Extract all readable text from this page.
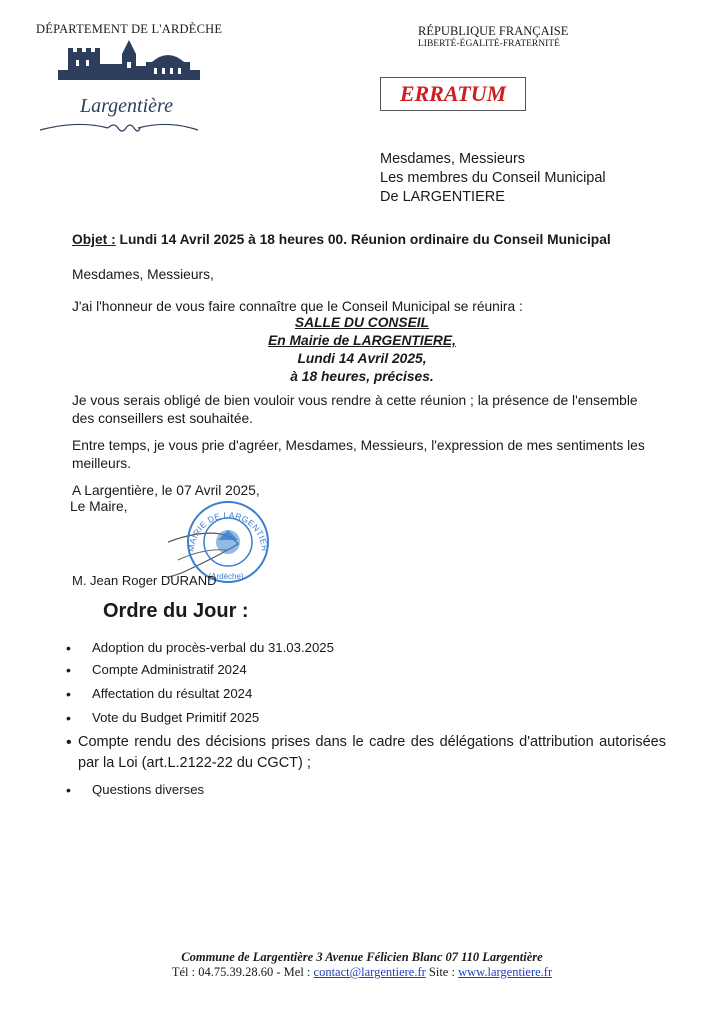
DÉPARTEMENT DE L'ARDÈCHE	RÉPUBLIQUE FRANÇAISE
LIBERTÉ-ÉGALITÉ-FRATERNITÉ
Largentière	ERRATUM
Mesdames, Messieurs
Les membres du Conseil Municipal
De LARGENTIERE
Objet : Lundi 14 Avril 2025 à 18 heures 00. Réunion ordinaire du Conseil Municipal
Mesdames, Messieurs,
J'ai l'honneur de vous faire connaître que le Conseil Municipal se réunira :
SALLE DU CONSEIL
En Mairie de LARGENTIERE,
Lundi 14 Avril 2025,
à 18 heures, précises.
Je vous serais obligé de bien vouloir vous rendre à cette réunion ; la présence de l'ensemble des conseillers est souhaitée.
Entre temps, je vous prie d'agréer, Mesdames, Messieurs, l'expression de mes sentiments les meilleurs.
A Largentière, le 07 Avril 2025,
Le Maire,
MAIRIE DE LARGENTIER
(Ardèche)
M. Jean Roger DURAND
Ordre du Jour :
• Adoption du procès-verbal du 31.03.2025
• Compte Administratif 2024
• Affectation du résultat 2024
• Vote du Budget Primitif 2025
• Compte rendu des décisions prises dans le cadre des délégations d'attribution autorisées par la Loi (art.L.2122-22 du CGCT) ;
• Questions diverses
Commune de Largentière 3 Avenue Félicien Blanc 07 110 Largentière
Tél : 04.75.39.28.60 - Mel : contact@largentiere.fr Site : www.largentiere.fr
